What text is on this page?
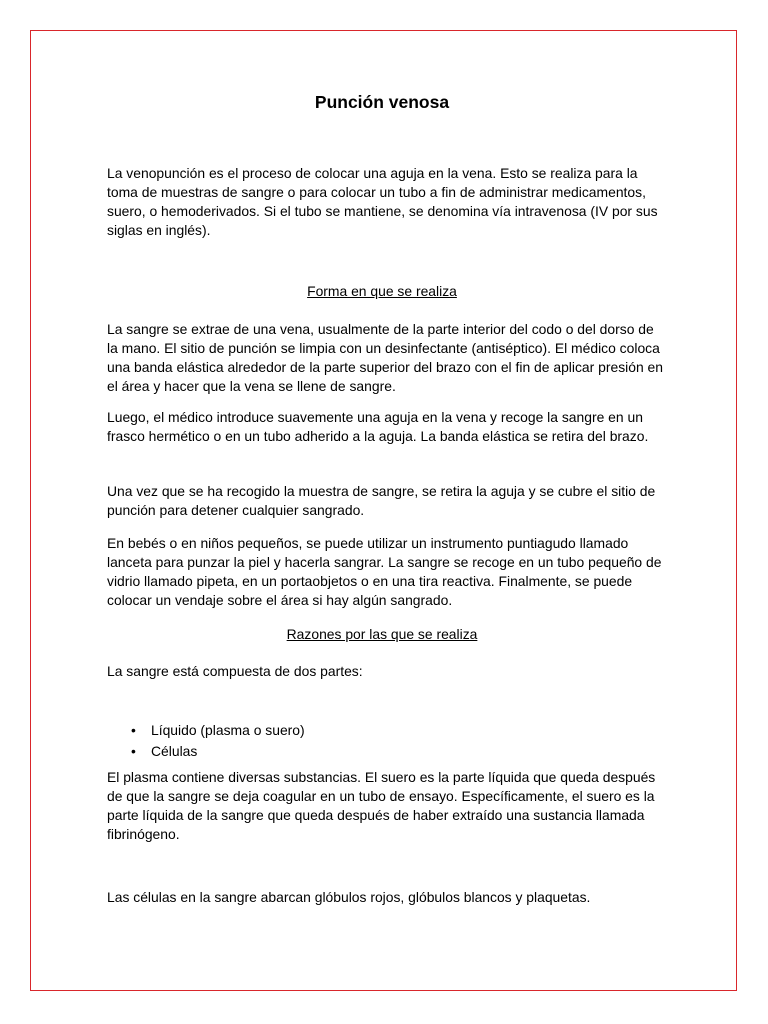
Punción venosa

La venopunción es el proceso de colocar una aguja en la vena. Esto se realiza para la toma de muestras de sangre o para colocar un tubo a fin de administrar medicamentos, suero, o hemoderivados. Si el tubo se mantiene, se denomina vía intravenosa (IV por sus siglas en inglés).

Forma en que se realiza

La sangre se extrae de una vena, usualmente de la parte interior del codo o del dorso de la mano. El sitio de punción se limpia con un desinfectante (antiséptico). El médico coloca una banda elástica alrededor de la parte superior del brazo con el fin de aplicar presión en el área y hacer que la vena se llene de sangre.

Luego, el médico introduce suavemente una aguja en la vena y recoge la sangre en un frasco hermético o en un tubo adherido a la aguja. La banda elástica se retira del brazo.

Una vez que se ha recogido la muestra de sangre, se retira la aguja y se cubre el sitio de punción para detener cualquier sangrado.

En bebés o en niños pequeños, se puede utilizar un instrumento puntiagudo llamado lanceta para punzar la piel y hacerla sangrar. La sangre se recoge en un tubo pequeño de vidrio llamado pipeta, en un portaobjetos o en una tira reactiva. Finalmente, se puede colocar un vendaje sobre el área si hay algún sangrado.

Razones por las que se realiza

La sangre está compuesta de dos partes:

• Líquido (plasma o suero)
• Células

El plasma contiene diversas substancias. El suero es la parte líquida que queda después de que la sangre se deja coagular en un tubo de ensayo. Específicamente, el suero es la parte líquida de la sangre que queda después de haber extraído una sustancia llamada fibrinógeno.

Las células en la sangre abarcan glóbulos rojos, glóbulos blancos y plaquetas.
